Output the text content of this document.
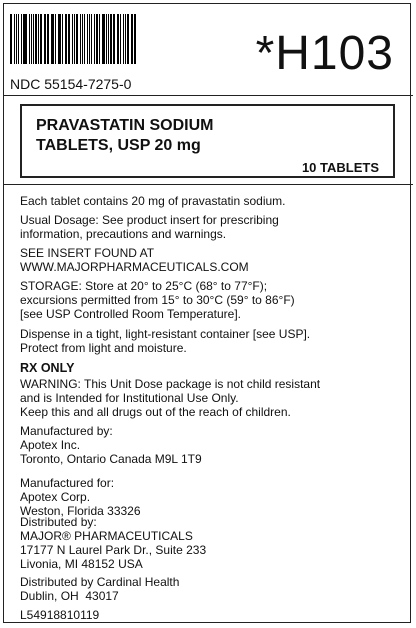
*H103
NDC 55154-7275-0
PRAVASTATIN SODIUM
TABLETS, USP 20 mg
10 TABLETS
Each tablet contains 20 mg of pravastatin sodium.
Usual Dosage: See product insert for prescribing
information, precautions and warnings.
SEE INSERT FOUND AT
WWW.MAJORPHARMACEUTICALS.COM
STORAGE: Store at 20° to 25°C (68° to 77°F);
excursions permitted from 15° to 30°C (59° to 86°F)
[see USP Controlled Room Temperature].
Dispense in a tight, light-resistant container [see USP].
Protect from light and moisture.
RX ONLY
WARNING: This Unit Dose package is not child resistant
and is Intended for Institutional Use Only.
Keep this and all drugs out of the reach of children.
Manufactured by:
Apotex Inc.
Toronto, Ontario Canada M9L 1T9
Manufactured for:
Apotex Corp.
Weston, Florida 33326
Distributed by:
MAJOR® PHARMACEUTICALS
17177 N Laurel Park Dr., Suite 233
Livonia, MI 48152 USA
Distributed by Cardinal Health
Dublin, OH  43017
L54918810119
